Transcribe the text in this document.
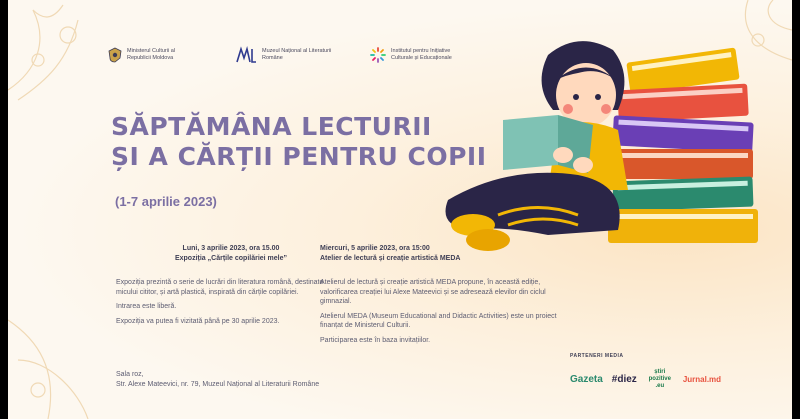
Ministerul Culturii al Republicii Moldova
Muzeul Național al Literaturii Române
Institutul pentru Inițiative Culturale și Educaționale
SĂPTĂMÂNA LECTURII
ȘI A CĂRȚII PENTRU COPII
(1-7 aprilie 2023)

Luni, 3 aprilie 2023, ora 15.00
Expoziția „Cărțile copilăriei mele”

Expoziția prezintă o serie de lucrări din literatura română, destinate micului cititor, și artă plastică, inspirată din cărțile copilăriei.

Intrarea este liberă.

Expoziția va putea fi vizitată până pe 30 aprilie 2023.

Miercuri, 5 aprilie 2023, ora 15:00
Atelier de lectură și creație artistică MEDA

Atelierul de lectură și creație artistică MEDA propune, în această ediție, valorificarea creației lui Alexe Mateevici și se adresează elevilor din ciclul gimnazial.

Atelierul MEDA (Museum Educational and Didactic Activities) este un proiect finanțat de Ministerul Culturii.

Participarea este în baza invitațiilor.

Sala roz,
Str. Alexe Mateevici, nr. 79, Muzeul Național al Literaturii Române
PARTENERI MEDIA
Gazeta #diez
știri pozitive .eu
Jurnal.md
